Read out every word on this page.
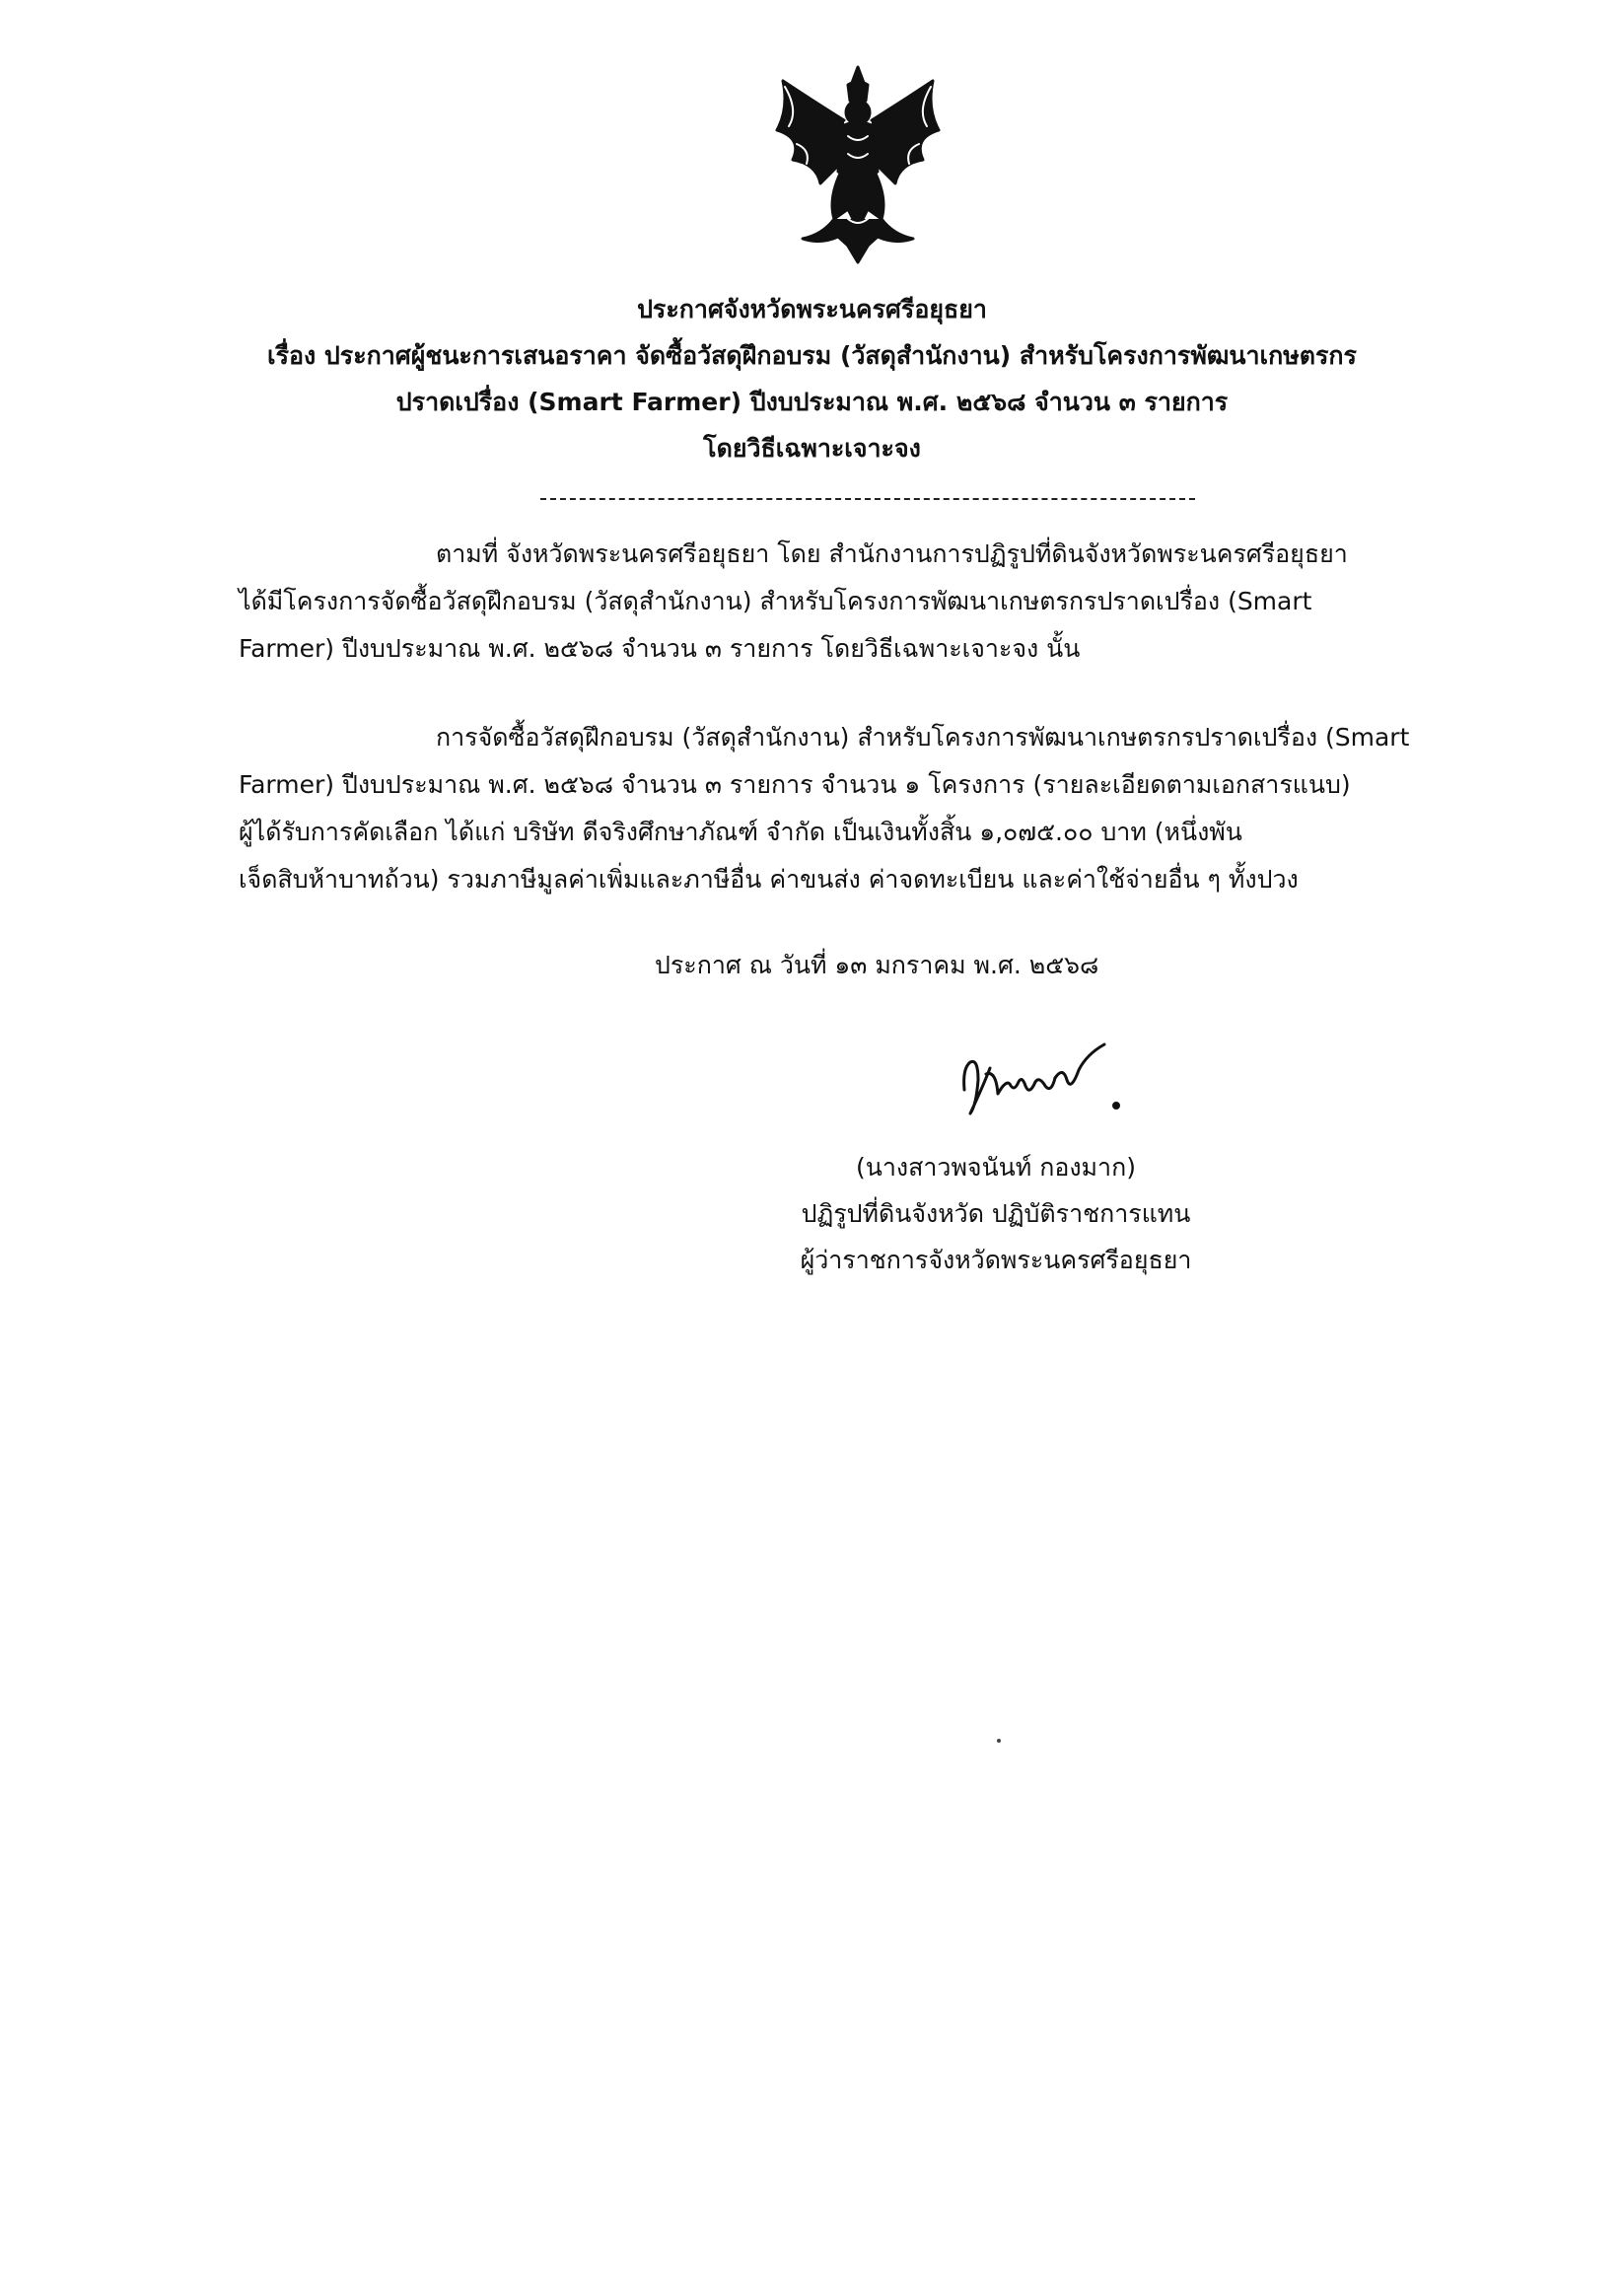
ประกาศจังหวัดพระนครศรีอยุธยา
เรื่อง ประกาศผู้ชนะการเสนอราคา จัดซื้อวัสดุฝึกอบรม (วัสดุสำนักงาน) สำหรับโครงการพัฒนาเกษตรกร
ปราดเปรื่อง (Smart Farmer) ปีงบประมาณ พ.ศ. ๒๕๖๘ จำนวน ๓ รายการ
โดยวิธีเฉพาะเจาะจง
ตามที่ จังหวัดพระนครศรีอยุธยา โดย สำนักงานการปฏิรูปที่ดินจังหวัดพระนครศรีอยุธยา
ได้มีโครงการจัดซื้อวัสดุฝึกอบรม (วัสดุสำนักงาน) สำหรับโครงการพัฒนาเกษตรกรปราดเปรื่อง (Smart
Farmer) ปีงบประมาณ พ.ศ. ๒๕๖๘ จำนวน ๓ รายการ โดยวิธีเฉพาะเจาะจง นั้น
การจัดซื้อวัสดุฝึกอบรม (วัสดุสำนักงาน) สำหรับโครงการพัฒนาเกษตรกรปราดเปรื่อง (Smart
Farmer) ปีงบประมาณ พ.ศ. ๒๕๖๘ จำนวน ๓ รายการ จำนวน ๑ โครงการ (รายละเอียดตามเอกสารแนบ)
ผู้ได้รับการคัดเลือก ได้แก่ บริษัท ดีจริงศึกษาภัณฑ์ จำกัด เป็นเงินทั้งสิ้น ๑,๐๗๕.๐๐ บาท (หนึ่งพัน
เจ็ดสิบห้าบาทถ้วน) รวมภาษีมูลค่าเพิ่มและภาษีอื่น ค่าขนส่ง ค่าจดทะเบียน และค่าใช้จ่ายอื่น ๆ ทั้งปวง
ประกาศ ณ วันที่ ๑๓ มกราคม พ.ศ. ๒๕๖๘
(นางสาวพจนันท์ กองมาก)
ปฏิรูปที่ดินจังหวัด ปฏิบัติราชการแทน
ผู้ว่าราชการจังหวัดพระนครศรีอยุธยา
